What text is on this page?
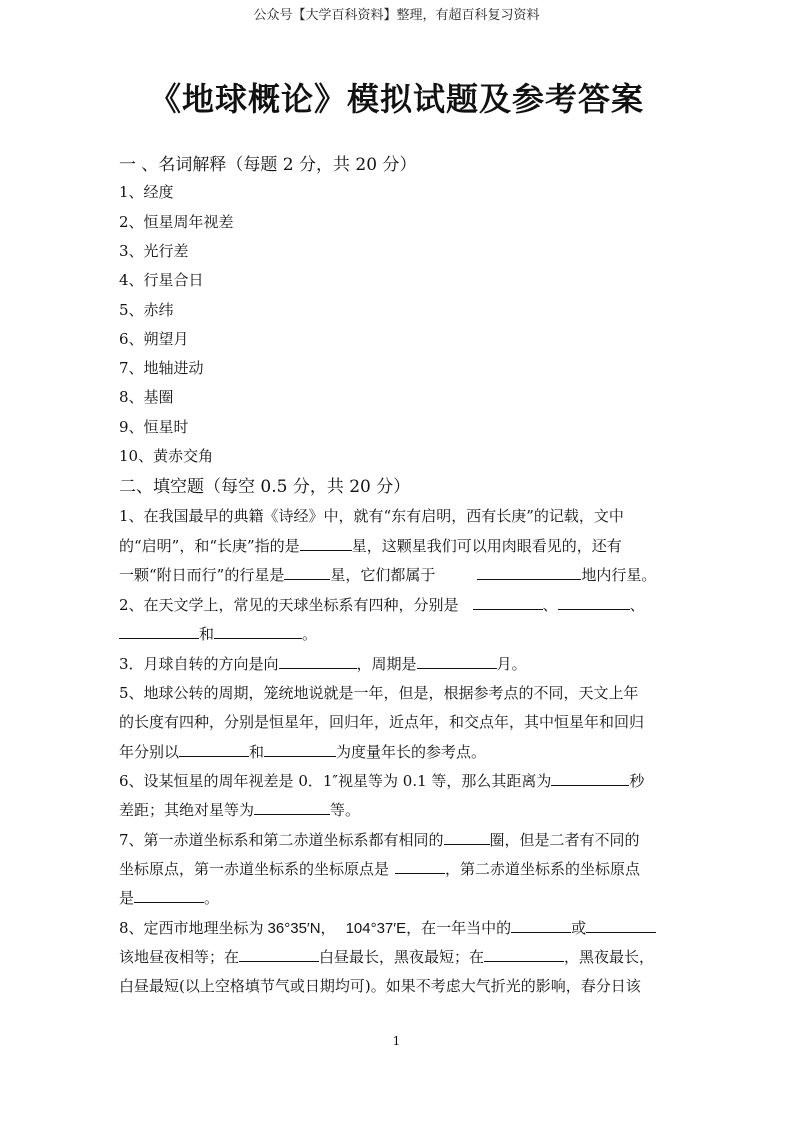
公众号【大学百科资料】整理，有超百科复习资料
《地球概论》模拟试题及参考答案
一 、名词解释（每题 2 分，共 20 分）
1、经度
2、恒星周年视差
3、光行差
4、行星合日
5、赤纬
6、朔望月
7、地轴进动
8、基圈
9、恒星时
10、黄赤交角
二、填空题（每空 0.5 分，共 20 分）
1、在我国最早的典籍《诗经》中，就有“东有启明，西有长庚”的记载，文中
的“启明”，和“长庚”指的是	星，这颗星我们可以用肉眼看见的，还有
一颗“附日而行”的行星是	星，它们都属于	地内行星。
2、在天文学上，常见的天球坐标系有四种，分别是	、	、
和	。
3．月球自转的方向是向	，周期是	月。
5、地球公转的周期，笼统地说就是一年，但是，根据参考点的不同，天文上年
的长度有四种，分别是恒星年，回归年，近点年，和交点年，其中恒星年和回归
年分别以	和	为度量年长的参考点。
6、设某恒星的周年视差是 0．1″视星等为 0.1 等，那么其距离为	秒
差距；其绝对星等为	等。
7、第一赤道坐标系和第二赤道坐标系都有相同的	圈，但是二者有不同的
坐标原点，第一赤道坐标系的坐标原点是	，第二赤道坐标系的坐标原点
是	。
8、定西市地理坐标为 36°35′N， 104°37′E，在一年当中的	或
该地昼夜相等；在	白昼最长，黑夜最短；在	，黑夜最长，
白昼最短(以上空格填节气或日期均可)。如果不考虑大气折光的影响，春分日该
1
